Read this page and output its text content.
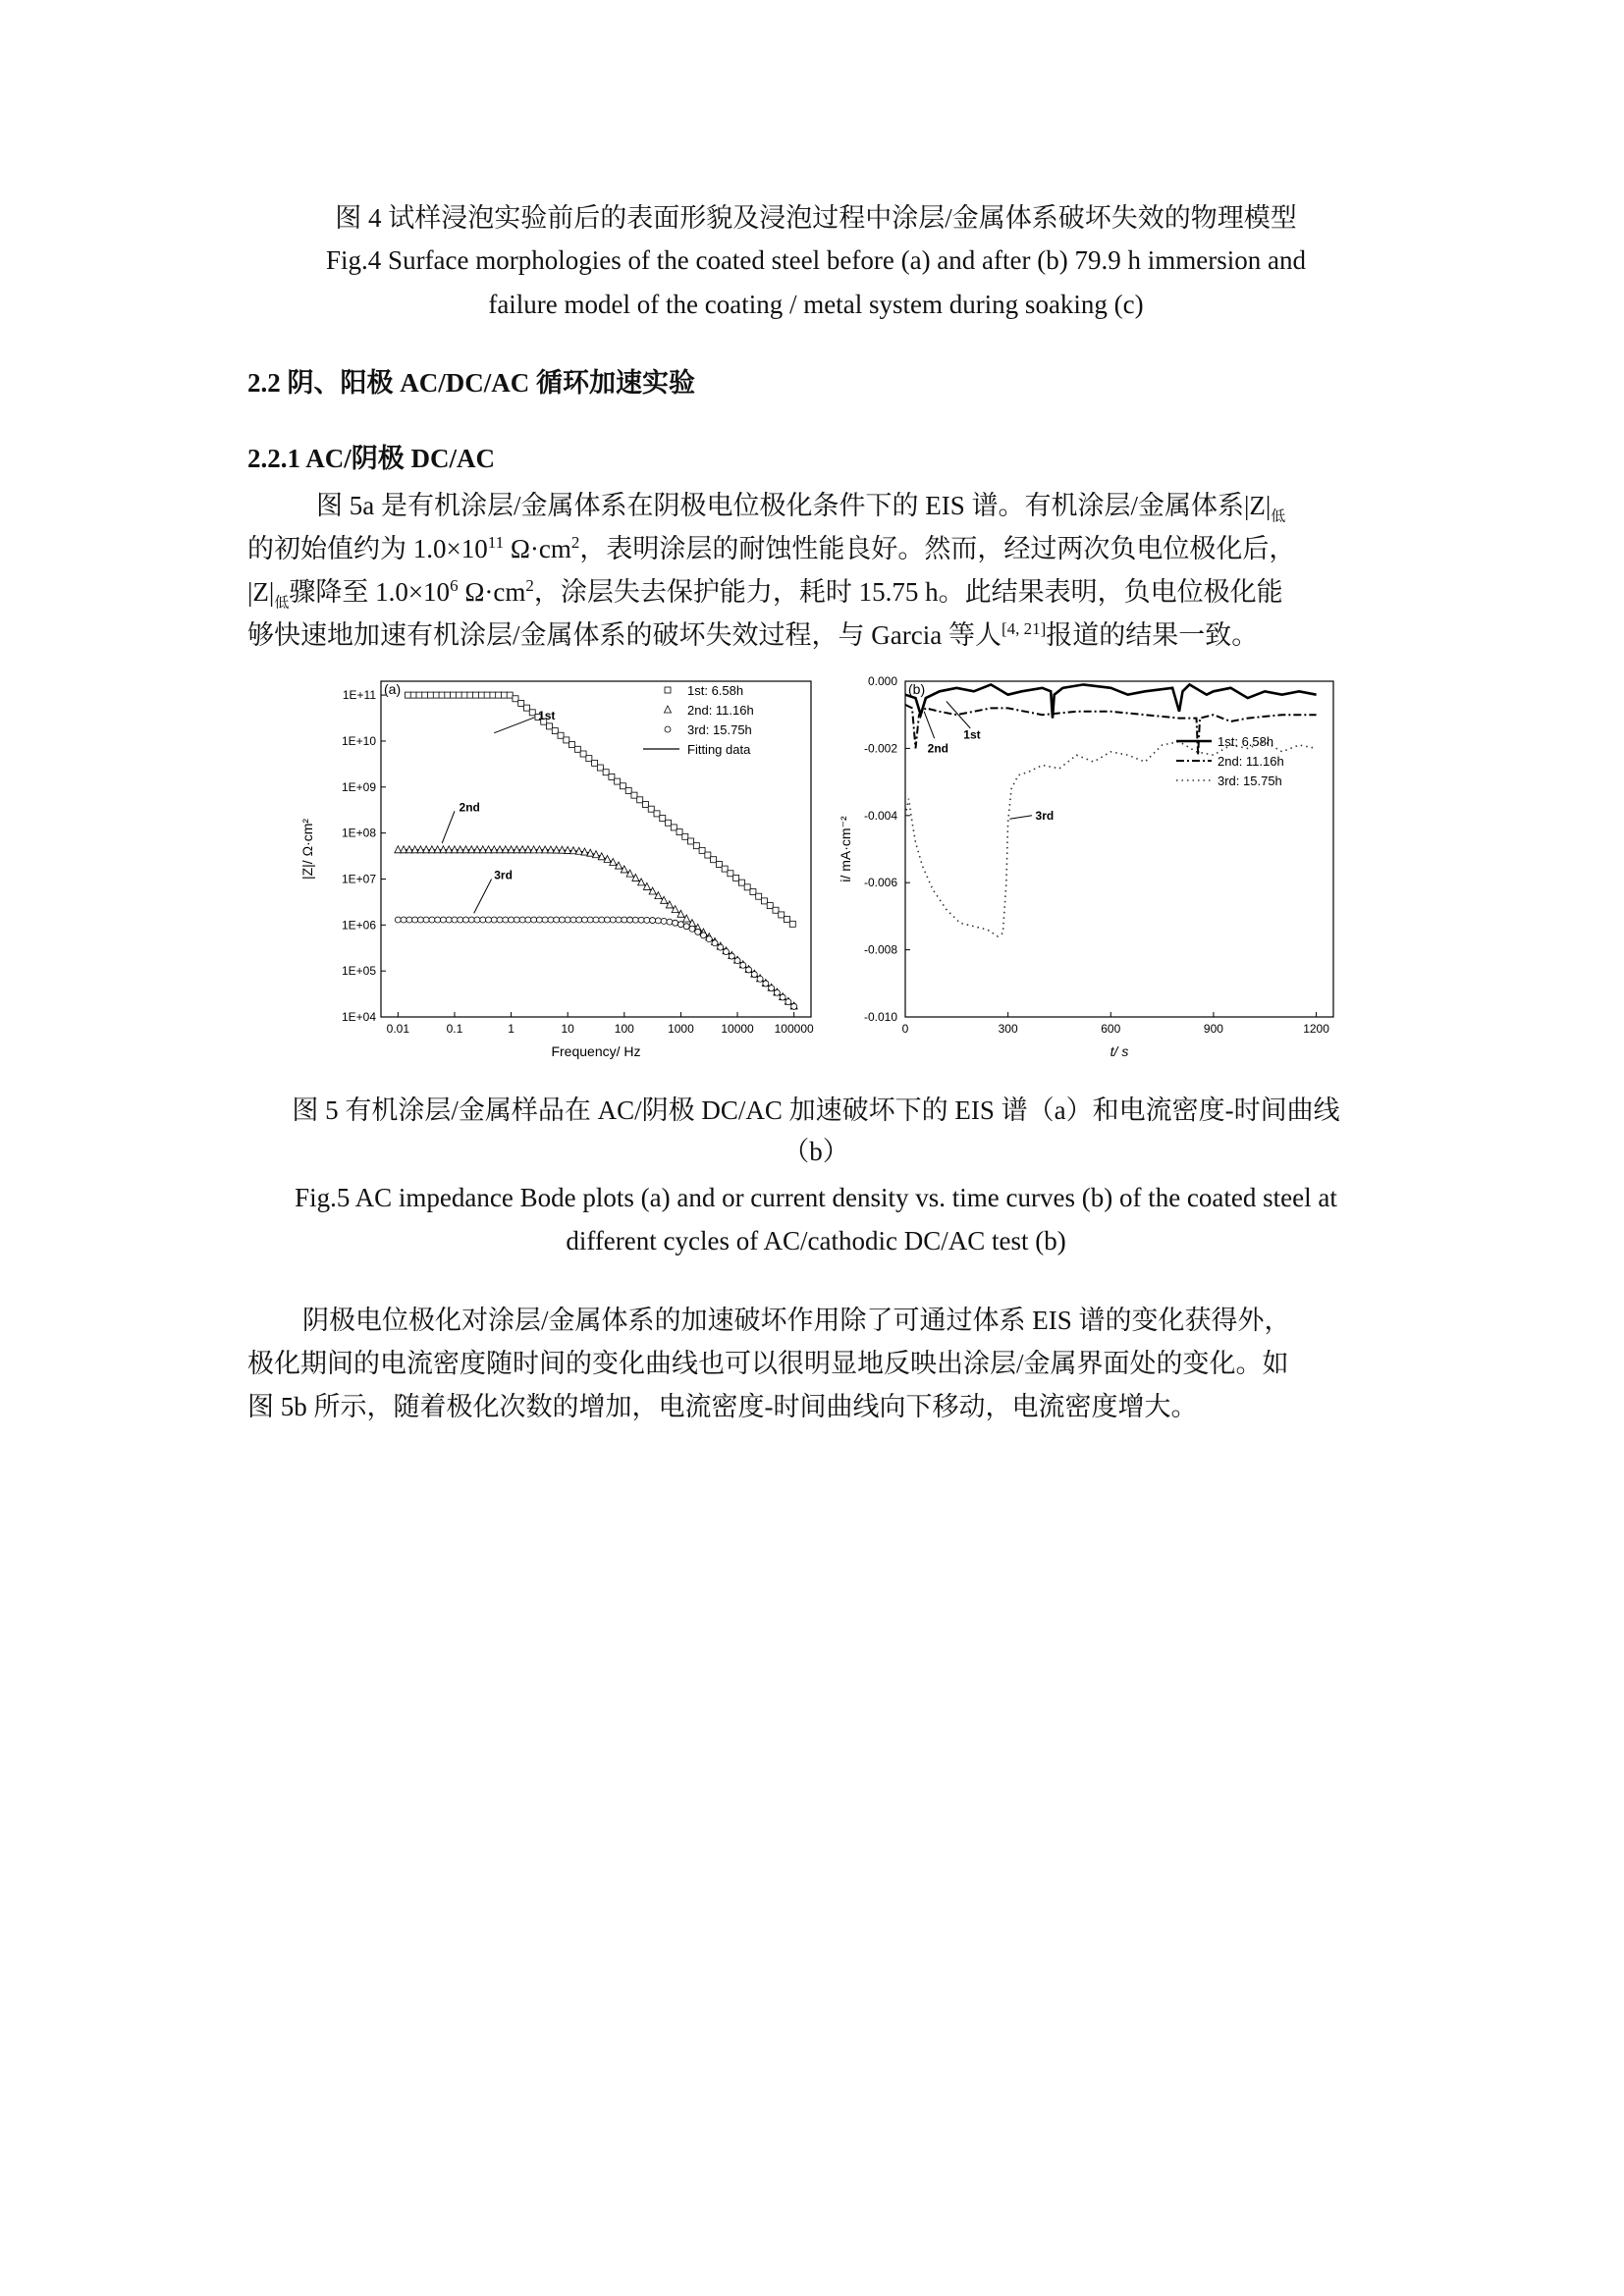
图 4 试样浸泡实验前后的表面形貌及浸泡过程中涂层/金属体系破坏失效的物理模型
Fig.4 Surface morphologies of the coated steel before (a) and after (b) 79.9 h immersion and
failure model of the coating / metal system during soaking (c)
2.2 阴、阳极 AC/DC/AC 循环加速实验
2.2.1 AC/阴极 DC/AC
图 5a 是有机涂层/金属体系在阴极电位极化条件下的 EIS 谱。有机涂层/金属体系$|Z|_低$
的初始值约为 $1.0\times 10^{11}$ $\Omega\cdot cm^2$，表明涂层的耐蚀性能良好。然而，经过两次负电位极化后，
$|Z|_低$骤降至 $1.0\times 10^6$ $\Omega\cdot cm^2$，涂层失去保护能力，耗时 15.75 h。此结果表明，负电位极化能
够快速地加速有机涂层/金属体系的破坏失效过程，与 Garcia 等人[4, 21]报道的结果一致。
0.01	0.1	1	10	100	1000 10000 100000
1E+04
1E+05
1E+06
1E+07
1E+08
1E+09
1E+10
1E+11
Frequency/ Hz
|Z|/ Ω·cm²
(a)
1st
2nd
3rd
1st: 6.58h
2nd: 11.16h
3rd: 15.75h
Fitting data
0	300	600	900	1200
0.000
-0.002
-0.004
-0.006
-0.008
-0.010
t/ s
i/ mA·cm⁻²
(b)
1st
2nd
3rd
1st: 6.58h
2nd: 11.16h
3rd: 15.75h
图 5 有机涂层/金属样品在 AC/阴极 DC/AC 加速破坏下的 EIS 谱（a）和电流密度-时间曲线
（b）
Fig.5 AC impedance Bode plots (a) and or current density vs. time curves (b) of the coated steel at
different cycles of AC/cathodic DC/AC test (b)
阴极电位极化对涂层/金属体系的加速破坏作用除了可通过体系 EIS 谱的变化获得外，
极化期间的电流密度随时间的变化曲线也可以很明显地反映出涂层/金属界面处的变化。如
图 5b 所示，随着极化次数的增加，电流密度-时间曲线向下移动，电流密度增大。
